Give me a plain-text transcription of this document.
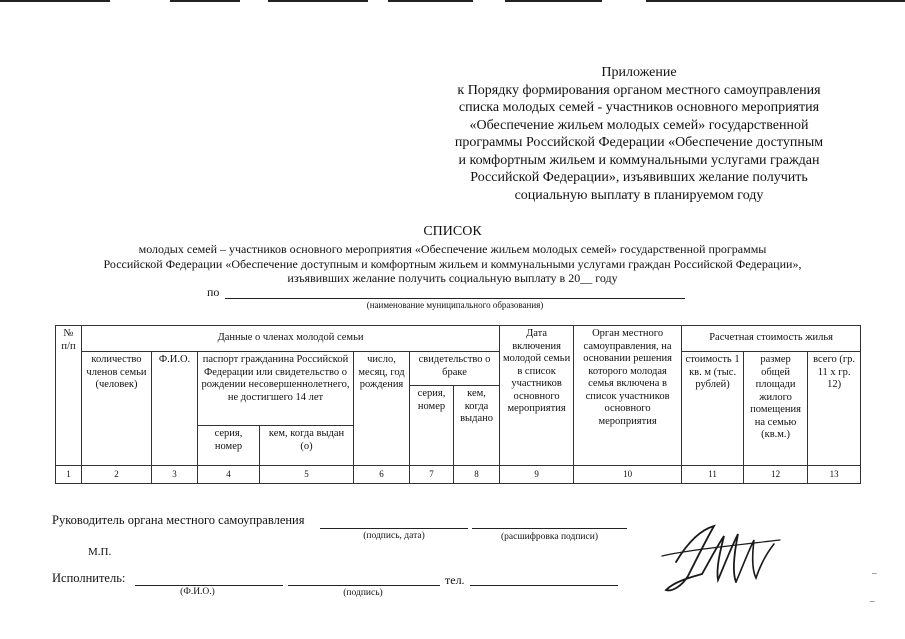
Приложение
к Порядку формирования органом местного самоуправления
списка молодых семей - участников основного мероприятия
«Обеспечение жильем молодых семей» государственной
программы Российской Федерации «Обеспечение доступным
и комфортным жильем и коммунальными услугами граждан
Российской Федерации», изъявивших желание получить
социальную выплату в планируемом году
СПИСОК
молодых семей – участников основного мероприятия «Обеспечение жильем молодых семей» государственной программы
Российской Федерации «Обеспечение доступным и комфортным жильем и коммунальными услугами граждан Российской Федерации»,
изъявивших желание получить социальную выплату в 20__ году
по
(наименование муниципального образования)
№ п/п	Данные о членах молодой семьи							Дата включения молодой семьи в список участников основного мероприятия	Орган местного самоуправления, на основании решения которого молодая семья включена в список участников основного мероприятия	Расчетная стоимость жилья		
	количество членов семьи (человек)	Ф.И.О.	паспорт гражданина Российской Федерации или свидетельство о рождении несовершеннолетнего, не достигшего 14 лет		число, месяц, год рождения	свидетельство о браке				стоимость 1 кв. м (тыс. рублей)	размер общей площади жилого помещения на семью (кв.м.)	всего (гр. 11 х гр. 12)
						серия, номер	кем, когда выдано					
			серия, номер	кем, когда выдан (о)								
1	2	3	4	5	6	7	8	9	10	11	12	13
Руководитель органа местного самоуправления
(подпись, дата)	(расшифровка подписи)
М.П.
Исполнитель:	тел.
(Ф.И.О.)	(подпись)
–
–
